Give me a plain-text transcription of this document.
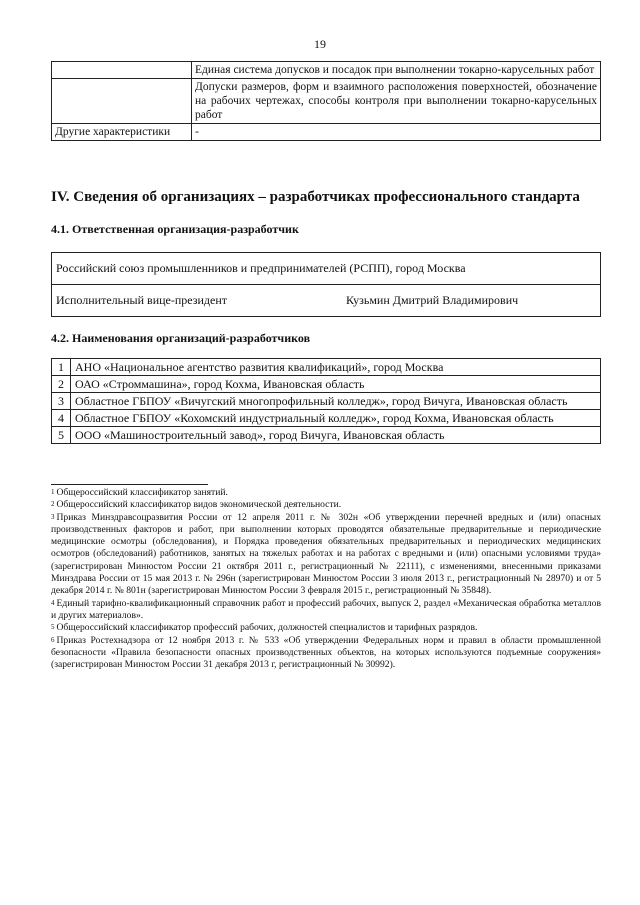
19
	Единая система допусков и посадок при выполнении токарно-карусельных работ
	Допуски размеров, форм и взаимного расположения поверхностей, обозначение на рабочих чертежах, способы контроля при выполнении токарно-карусельных работ
Другие характеристики	-
IV. Сведения об организациях – разработчиках профессионального стандарта
4.1. Ответственная организация-разработчик
Российский союз промышленников и предпринимателей (РСПП), город Москва
Исполнительный вице-президент	Кузьмин Дмитрий Владимирович
4.2. Наименования организаций-разработчиков
1	АНО «Национальное агентство развития квалификаций», город Москва
2	ОАО «Строммашина», город Кохма, Ивановская область
3	Областное ГБПОУ «Вичугский многопрофильный колледж», город Вичуга, Ивановская область
4	Областное ГБПОУ «Кохомский индустриальный колледж», город Кохма, Ивановская область
5	ООО «Машиностроительный завод», город Вичуга, Ивановская область

$^1$ Общероссийский классификатор занятий.

$^2$ Общероссийский классификатор видов экономической деятельности.

$^3$ Приказ Минздравсоцразвития России от 12 апреля 2011 г. № 302н «Об утверждении перечней вредных и (или) опасных производственных факторов и работ, при выполнении которых проводятся обязательные предварительные и периодические медицинские осмотры (обследования), и Порядка проведения обязательных предварительных и периодических медицинских осмотров (обследований) работников, занятых на тяжелых работах и на работах с вредными и (или) опасными условиями труда» (зарегистрирован Минюстом России 21 октября 2011 г., регистрационный № 22111), с изменениями, внесенными приказами Минздрава России от 15 мая 2013 г. № 296н (зарегистрирован Минюстом России 3 июля 2013 г., регистрационный № 28970) и от 5 декабря 2014 г. № 801н (зарегистрирован Минюстом России 3 февраля 2015 г., регистрационный № 35848).

$^4$ Единый тарифно-квалификационный справочник работ и профессий рабочих, выпуск 2, раздел «Механическая обработка металлов и других материалов».

$^5$ Общероссийский классификатор профессий рабочих, должностей специалистов и тарифных разрядов.

$^6$ Приказ Ростехнадзора от 12 ноября 2013 г. № 533 «Об утверждении Федеральных норм и правил в области промышленной безопасности «Правила безопасности опасных производственных объектов, на которых используются подъемные сооружения» (зарегистрирован Минюстом России 31 декабря 2013 г, регистрационный № 30992).
